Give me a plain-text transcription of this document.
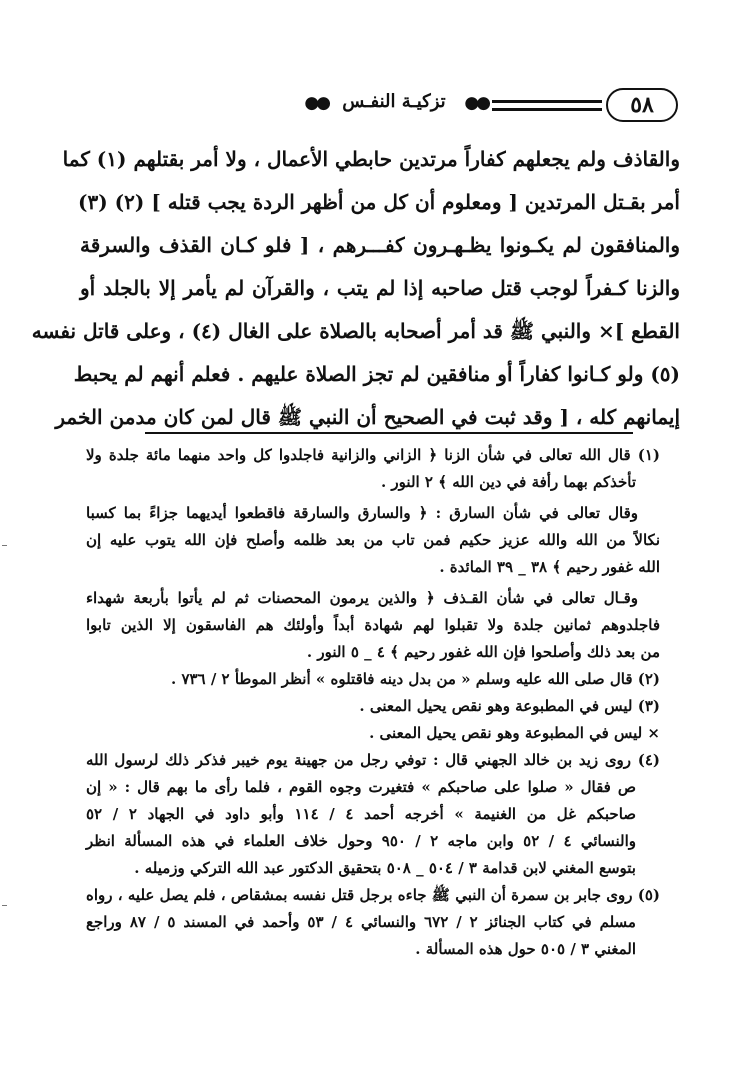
٥٨
●●
تزكيـة النفـس
●●
والقاذف ولم يجعلهم كفاراً مرتدين حابطي الأعمال ، ولا أمر بقتلهم (١) كما
أمر بقـتل المرتدين [ ومعلوم أن كل من أظهر الردة يجب قتله ] (٢) (٣)
والمنافقون لم يكـونوا يظـهـرون كفـــرهم ، [ فلو كـان القذف والسرقة
والزنا كـفراً لوجب قتل صاحبه إذا لم يتب ، والقرآن لم يأمر إلا بالجلد أو
القطع ]× والنبي ﷺ قد أمر أصحابه بالصلاة على الغال (٤) ، وعلى قاتل نفسه
(٥) ولو كـانوا كفاراً أو منافقين لم تجز الصلاة عليهم . فعلم أنهم لم يحبط
إيمانهم كله ، [ وقد ثبت في الصحيح أن النبي ﷺ قال لمن كان مدمن الخمر
(١) قال الله تعالى في شأن الزنا ﴿ الزاني والزانية فاجلدوا كل واحد منهما مائة جلدة ولا
تأخذكم بهما رأفة في دين الله ﴾ ٢ النور .
وقال تعالى في شأن السارق : ﴿ والسارق والسارقة فاقطعوا أيديهما جزاءً بما كسبا
نكالاً من الله والله عزيز حكيم فمن تاب من بعد ظلمه وأصلح فإن الله يتوب عليه إن
الله غفور رحيم ﴾ ٣٨ _ ٣٩ المائدة .
وقـال تعالى في شأن القـذف ﴿ والذين يرمون المحصنات ثم لم يأتوا بأربعة شهداء
فاجلدوهم ثمانين جلدة ولا تقبلوا لهم شهادة أبداً وأولئك هم الفاسقون إلا الذين تابوا
من بعد ذلك وأصلحوا فإن الله غفور رحيم ﴾ ٤ _ ٥ النور .
(٢) قال صلى الله عليه وسلم « من بدل دينه فاقتلوه » أنظر الموطأ ٢ / ٧٣٦ .
(٣) ليس في المطبوعة وهو نقص يحيل المعنى .
× ليس في المطبوعة وهو نقص يحيل المعنى .
(٤) روى زيد بن خالد الجهني قال : توفي رجل من جهينة يوم خيبر فذكر ذلك لرسول الله
ص فقال « صلوا على صاحبكم » فتغيرت وجوه القوم ، فلما رأى ما بهم قال : « إن
صاحبكم غل من الغنيمة » أخرجه أحمد ٤ / ١١٤ وأبو داود في الجهاد ٢ / ٥٢
والنسائي ٤ / ٥٢ وابن ماجه ٢ / ٩٥٠ وحول خلاف العلماء في هذه المسألة انظر
بتوسع المغني لابن قدامة ٣ / ٥٠٤ _ ٥٠٨ بتحقيق الدكتور عبد الله التركي وزميله .
(٥) روى جابر بن سمرة أن النبي ﷺ جاءه برجل قتل نفسه بمشقاص ، فلم يصل عليه ، رواه
مسلم في كتاب الجنائز ٢ / ٦٧٢ والنسائي ٤ / ٥٣ وأحمد في المسند ٥ / ٨٧ وراجع
المغني ٣ / ٥٠٥ حول هذه المسألة .
